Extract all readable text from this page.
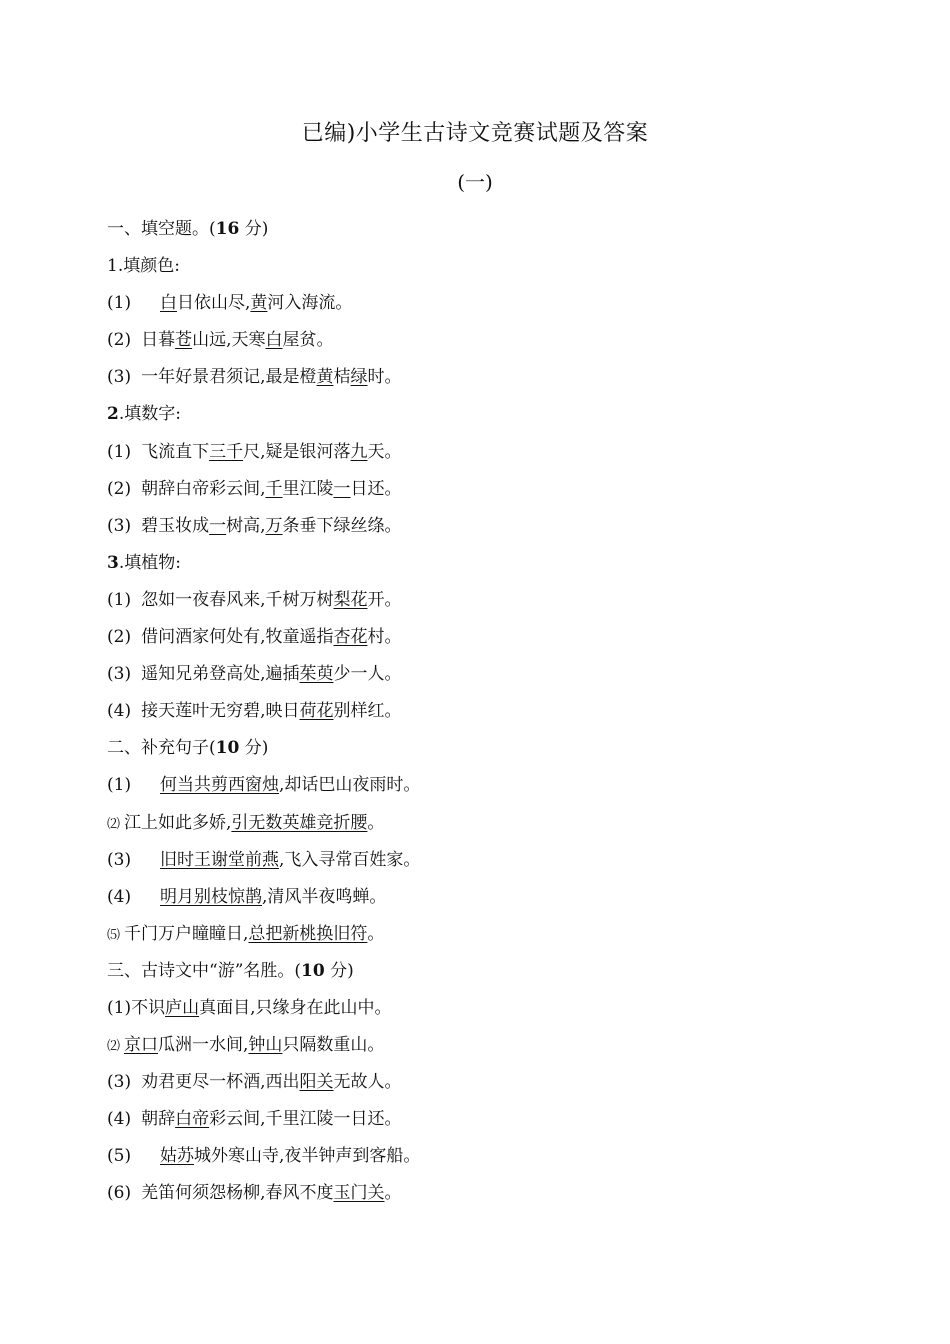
已编)小学生古诗文竞赛试题及答案
(一)
一、填空题。(16 分)
1.填颜色:
(1) 白日依山尽,黄河入海流。
(2) 日暮苍山远,天寒白屋贫。
(3) 一年好景君须记,最是橙黄桔绿时。
2.填数字:
(1) 飞流直下三千尺,疑是银河落九天。
(2) 朝辞白帝彩云间,千里江陵一日还。
(3) 碧玉妆成一树高,万条垂下绿丝绦。
3.填植物:
(1) 忽如一夜春风来,千树万树梨花开。
(2) 借问酒家何处有,牧童遥指杏花村。
(3) 遥知兄弟登高处,遍插茱萸少一人。
(4) 接天莲叶无穷碧,映日荷花别样红。
二、补充句子(10 分)
(1) 何当共剪西窗烛,却话巴山夜雨时。
⑵ 江上如此多娇,引无数英雄竞折腰。
(3) 旧时王谢堂前燕,飞入寻常百姓家。
(4) 明月别枝惊鹊,清风半夜鸣蝉。
⑸ 千门万户瞳瞳日,总把新桃换旧符。
三、古诗文中“游”名胜。(10 分)
(1)不识庐山真面目,只缘身在此山中。
⑵ 京口瓜洲一水间,钟山只隔数重山。
(3) 劝君更尽一杯酒,西出阳关无故人。
(4) 朝辞白帝彩云间,千里江陵一日还。
(5) 姑苏城外寒山寺,夜半钟声到客船。
(6) 羌笛何须怨杨柳,春风不度玉门关。
